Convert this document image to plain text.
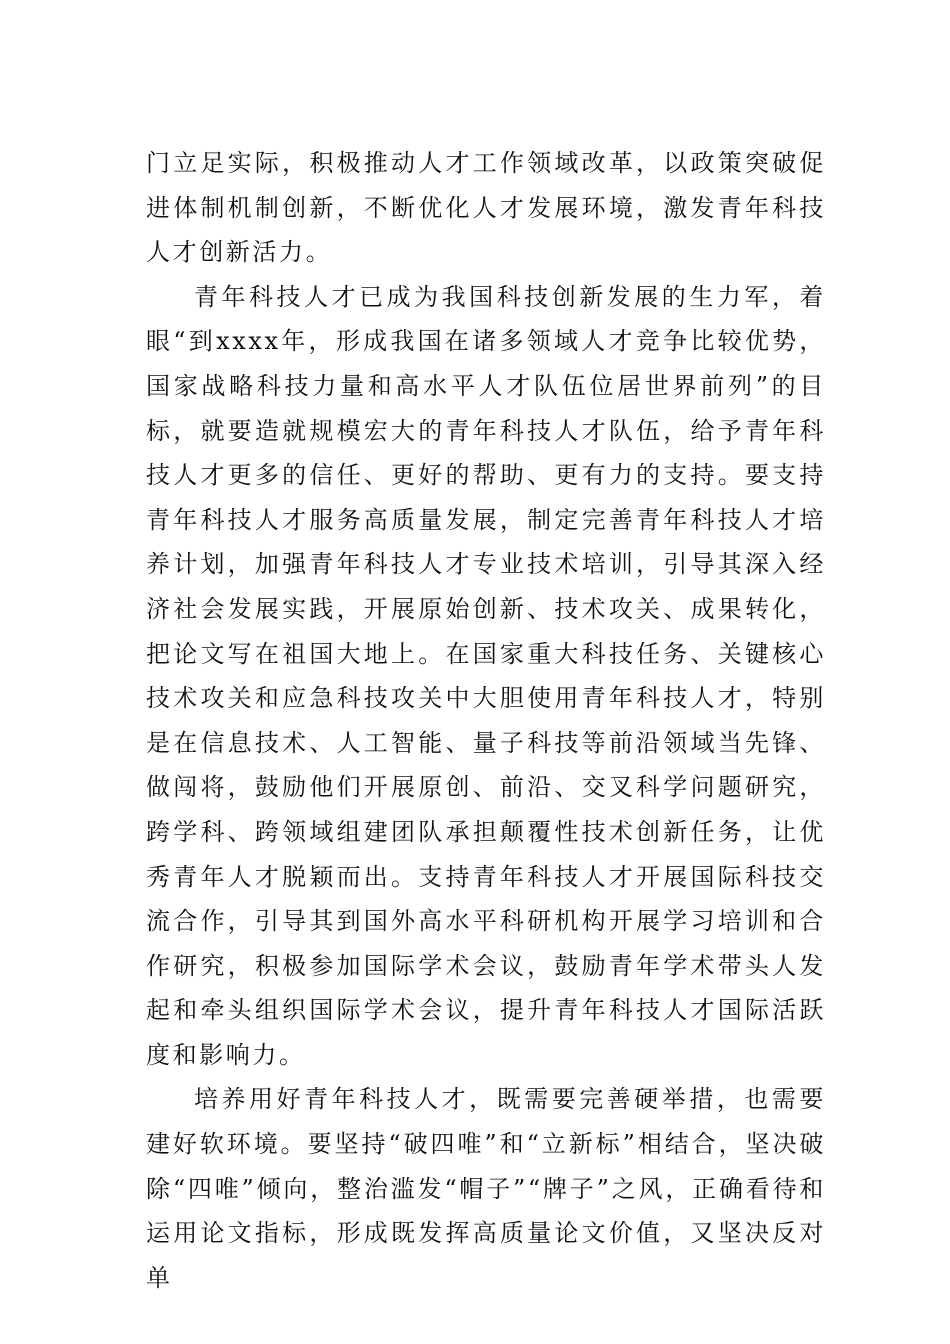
门立足实际，积极推动人才工作领域改革，以政策突破促进体制机制创新，不断优化人才发展环境，激发青年科技人才创新活力。

青年科技人才已成为我国科技创新发展的生力军，着眼“到xxxx年，形成我国在诸多领域人才竞争比较优势，国家战略科技力量和高水平人才队伍位居世界前列”的目标，就要造就规模宏大的青年科技人才队伍，给予青年科技人才更多的信任、更好的帮助、更有力的支持。要支持青年科技人才服务高质量发展，制定完善青年科技人才培养计划，加强青年科技人才专业技术培训，引导其深入经济社会发展实践，开展原始创新、技术攻关、成果转化，把论文写在祖国大地上。在国家重大科技任务、关键核心技术攻关和应急科技攻关中大胆使用青年科技人才，特别是在信息技术、人工智能、量子科技等前沿领域当先锋、做闯将，鼓励他们开展原创、前沿、交叉科学问题研究，跨学科、跨领域组建团队承担颠覆性技术创新任务，让优秀青年人才脱颖而出。支持青年科技人才开展国际科技交流合作，引导其到国外高水平科研机构开展学习培训和合作研究，积极参加国际学术会议，鼓励青年学术带头人发起和牵头组织国际学术会议，提升青年科技人才国际活跃度和影响力。

培养用好青年科技人才，既需要完善硬举措，也需要建好软环境。要坚持“破四唯”和“立新标”相结合，坚决破除“四唯”倾向，整治滥发“帽子”“牌子”之风，正确看待和运用论文指标，形成既发挥高质量论文价值，又坚决反对单
